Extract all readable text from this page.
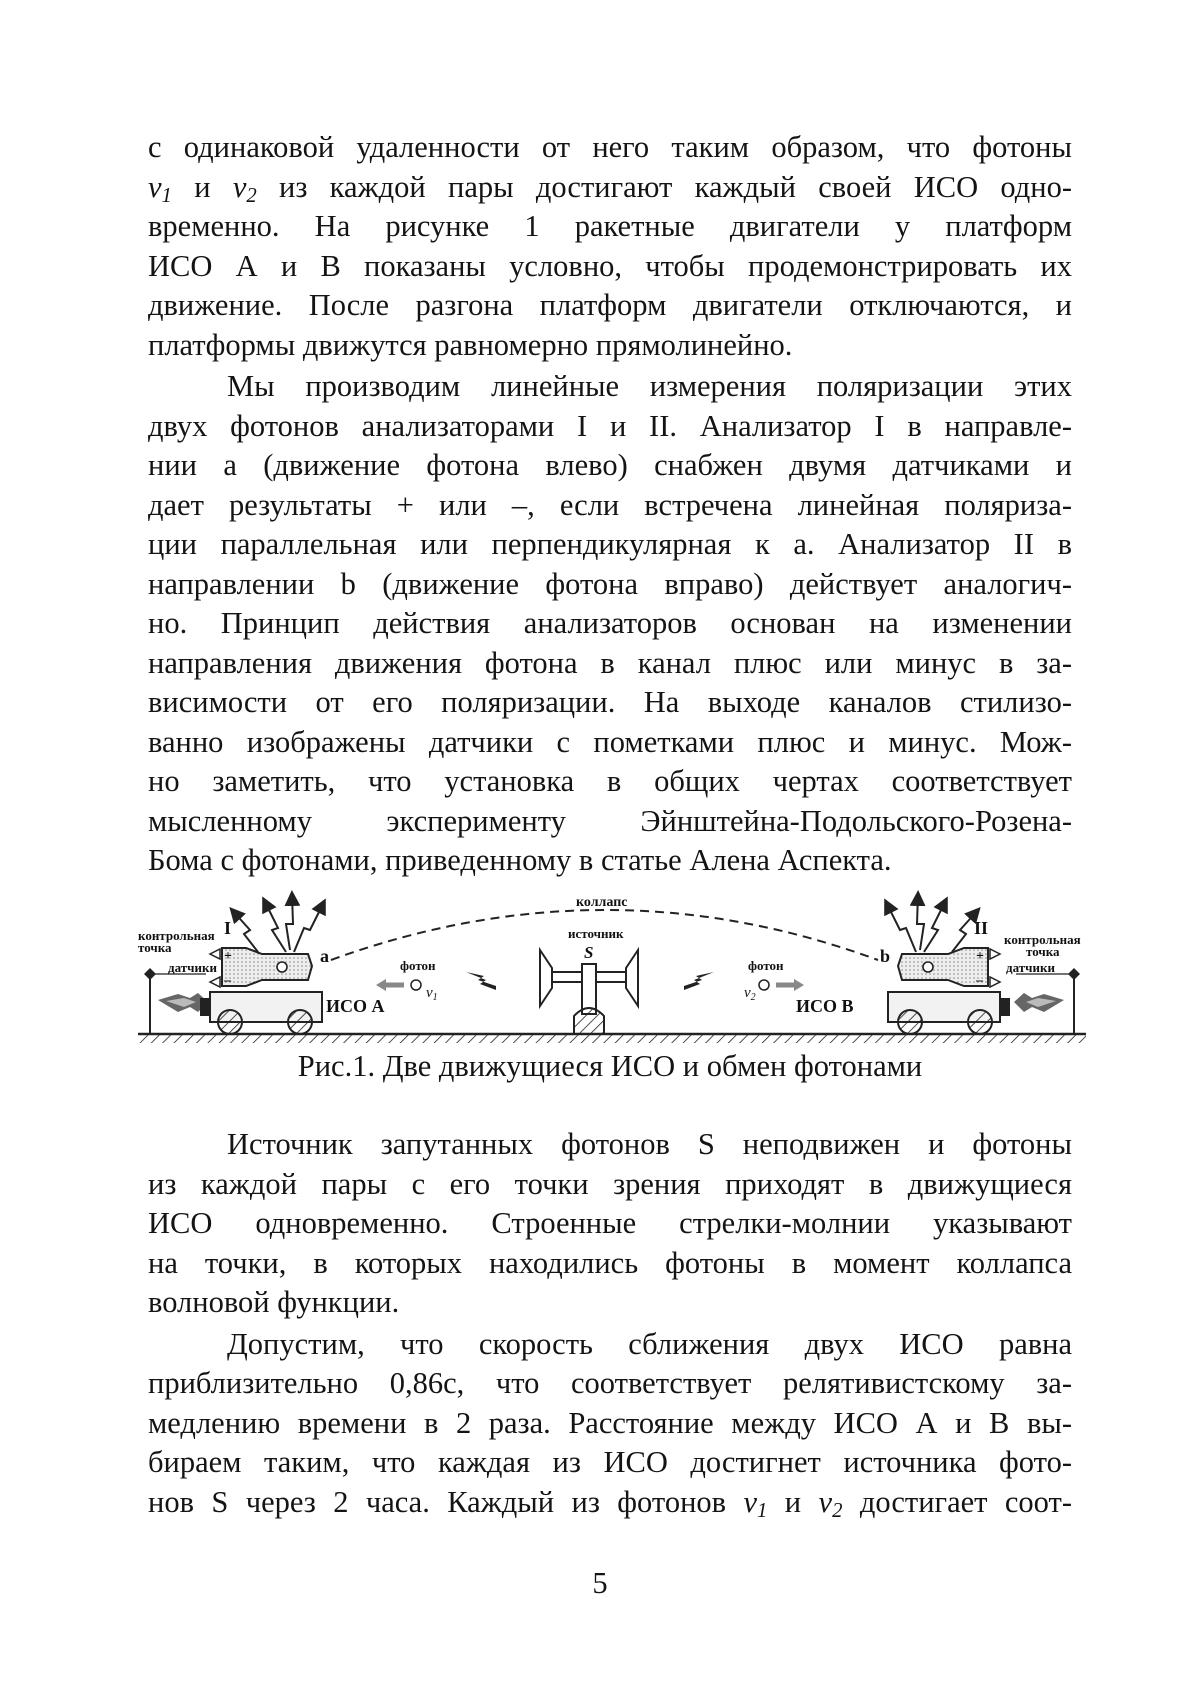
с одинаковой удаленности от него таким образом, что фотоны
$v_1$ и $v_2$ из каждой пары достигают каждый своей ИСО одно-
временно. На рисунке 1 ракетные двигатели у платформ
ИСО А и В показаны условно, чтобы продемонстрировать их
движение. После разгона платформ двигатели отключаются, и
платформы движутся равномерно прямолинейно.

Мы производим линейные измерения поляризации этих
двух фотонов анализаторами I и II. Анализатор I в направле-
нии а (движение фотона влево) снабжен двумя датчиками и
дает результаты + или –, если встречена линейная поляриза-
ции параллельная или перпендикулярная к а. Анализатор II в
направлении b (движение фотона вправо) действует аналогич-
но. Принцип действия анализаторов основан на изменении
направления движения фотона в канал плюс или минус в за-
висимости от его поляризации. На выходе каналов стилизо-
ванно изображены датчики с пометками плюс и минус. Мож-
но заметить, что установка в общих чертах соответствует
мысленному эксперименту Эйнштейна-Подольского-Розена-
Бома с фотонами, приведенному в статье Алена Аспекта.

коллапс
контрольная
точка
датчики
+
–
I
a
ИСО А
фотон
$v_1$
источник
S
фотон
$v_2$ ИСО В
+
–
II
b
контрольная
точка
датчики
Рис.1. Две движущиеся ИСО и обмен фотонами

Источник запутанных фотонов S неподвижен и фотоны
из каждой пары с его точки зрения приходят в движущиеся
ИСО одновременно. Строенные стрелки-молнии указывают
на точки, в которых находились фотоны в момент коллапса
волновой функции.

Допустим, что скорость сближения двух ИСО равна
приблизительно 0,86c, что соответствует релятивистскому за-
медлению времени в 2 раза. Расстояние между ИСО А и В вы-
бираем таким, что каждая из ИСО достигнет источника фото-
нов S через 2 часа. Каждый из фотонов $v_1$ и $v_2$ достигает соот-

5
